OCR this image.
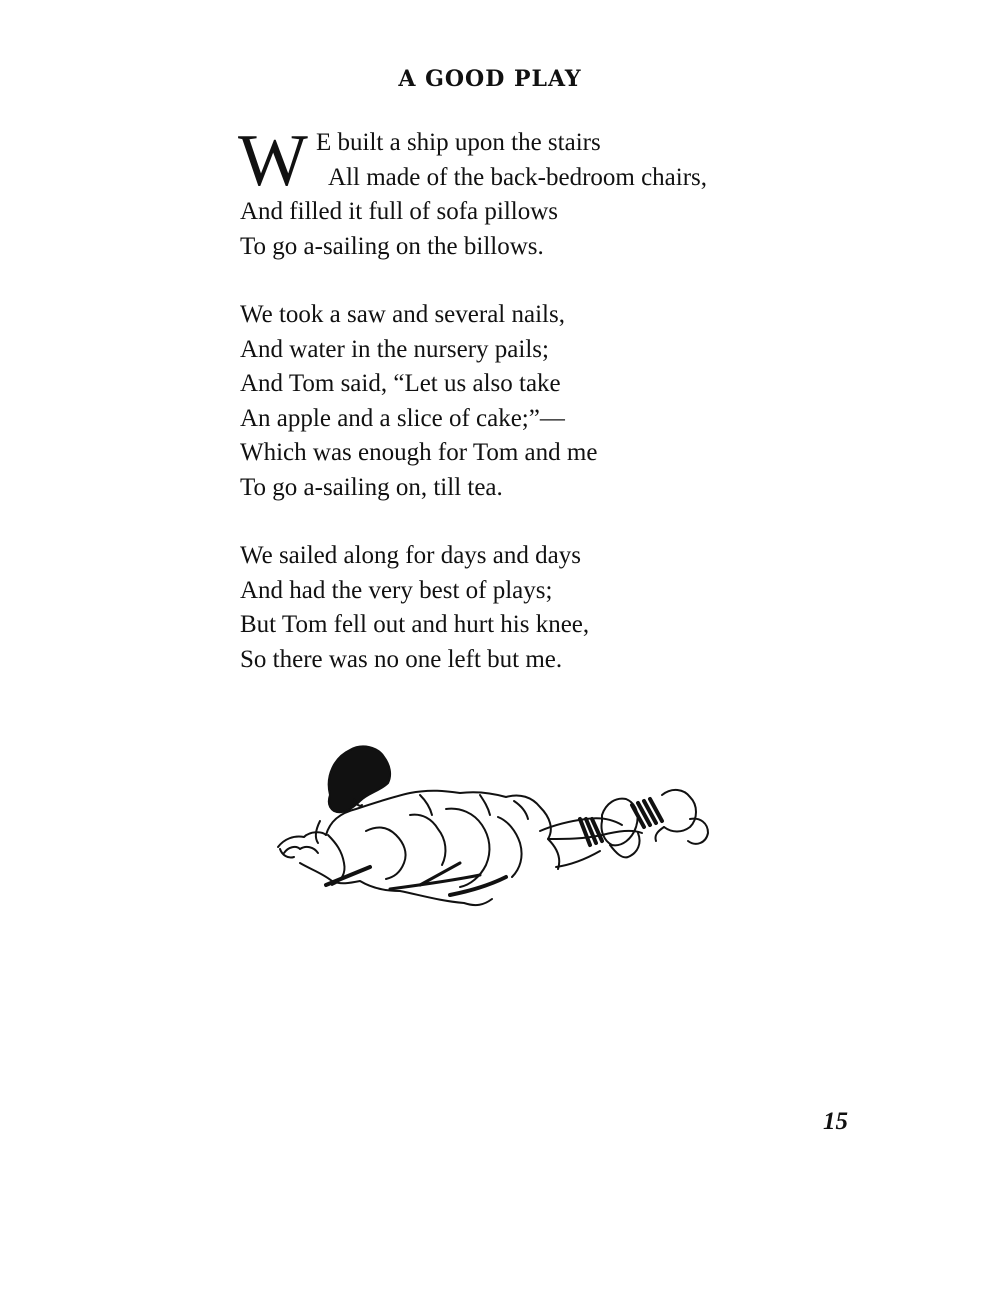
A GOOD PLAY
W E built a ship upon the stairs
All made of the back-bedroom chairs,
And filled it full of sofa pillows
To go a-sailing on the billows.
We took a saw and several nails,
And water in the nursery pails;
And Tom said, “Let us also take
An apple and a slice of cake;”—
Which was enough for Tom and me
To go a-sailing on, till tea.
We sailed along for days and days
And had the very best of plays;
But Tom fell out and hurt his knee,
So there was no one left but me.
15
